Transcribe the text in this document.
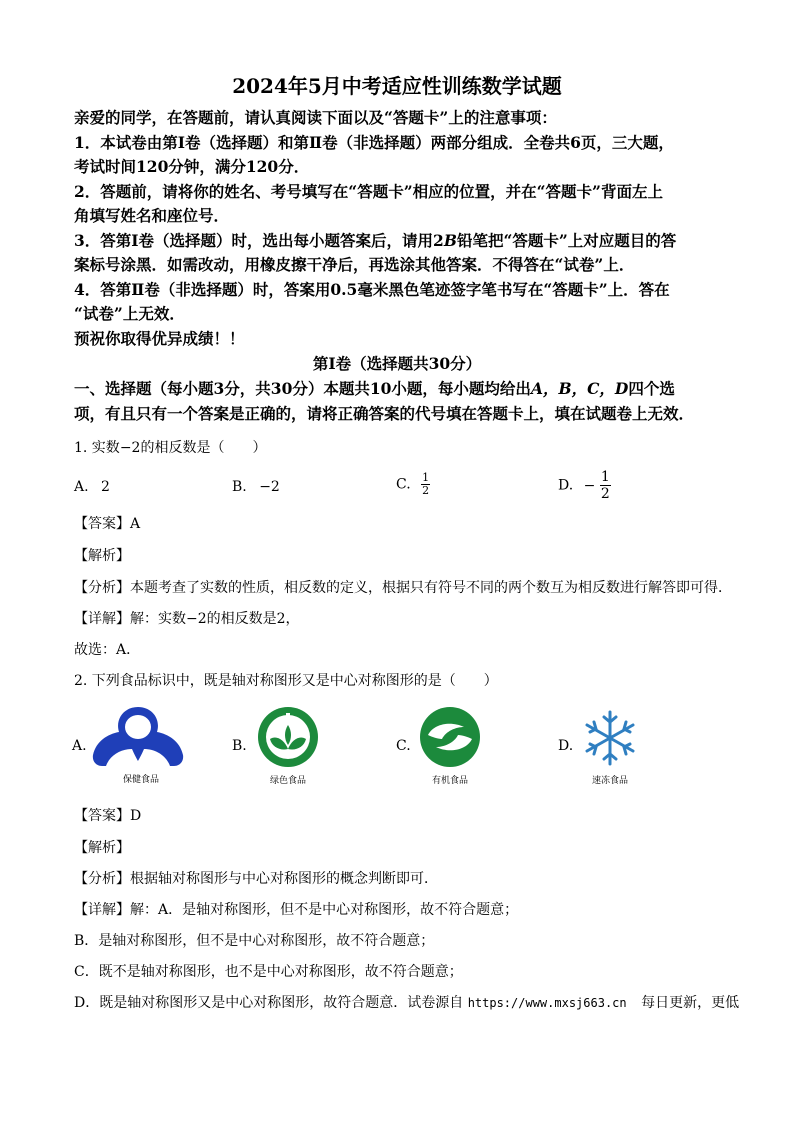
2024年5月中考适应性训练数学试题
亲爱的同学，在答题前，请认真阅读下面以及“答题卡”上的注意事项：
1．本试卷由第Ⅰ卷（选择题）和第Ⅱ卷（非选择题）两部分组成．全卷共6页，三大题，
考试时间120分钟，满分120分．
2．答题前，请将你的姓名、考号填写在“答题卡”相应的位置，并在“答题卡”背面左上
角填写姓名和座位号．
3．答第Ⅰ卷（选择题）时，选出每小题答案后，请用2B铅笔把“答题卡”上对应题目的答
案标号涂黑．如需改动，用橡皮擦干净后，再选涂其他答案．不得答在“试卷”上．
4．答第Ⅱ卷（非选择题）时，答案用0.5毫米黑色笔迹签字笔书写在“答题卡”上．答在
“试卷”上无效．
预祝你取得优异成绩！！
第Ⅰ卷（选择题共30分）
一、选择题（每小题3分，共30分）本题共10小题，每小题均给出A，B，C，D四个选
项，有且只有一个答案是正确的，请将正确答案的代号填在答题卡上，填在试题卷上无效．
1. 实数−2的相反数是（　　）
A. 2	B. −2	C. $\frac{1}{2}$	D. − $\frac{1}{2}$
【答案】A
【解析】
【分析】本题考查了实数的性质，相反数的定义，根据只有符号不同的两个数互为相反数进行解答即可得．
【详解】解：实数−2的相反数是2，
故选：A．
2. 下列食品标识中，既是轴对称图形又是中心对称图形的是（　　）
A.
保健食品
B.
绿色食品
C.
有机食品
D.
速冻食品
【答案】D
【解析】
【分析】根据轴对称图形与中心对称图形的概念判断即可．
【详解】解：A．是轴对称图形，但不是中心对称图形，故不符合题意；
B．是轴对称图形，但不是中心对称图形，故不符合题意；
C．既不是轴对称图形，也不是中心对称图形，故不符合题意；
D．既是轴对称图形又是中心对称图形，故符合题意．试卷源自 https://www.mxsj663.cn 每日更新，更低
